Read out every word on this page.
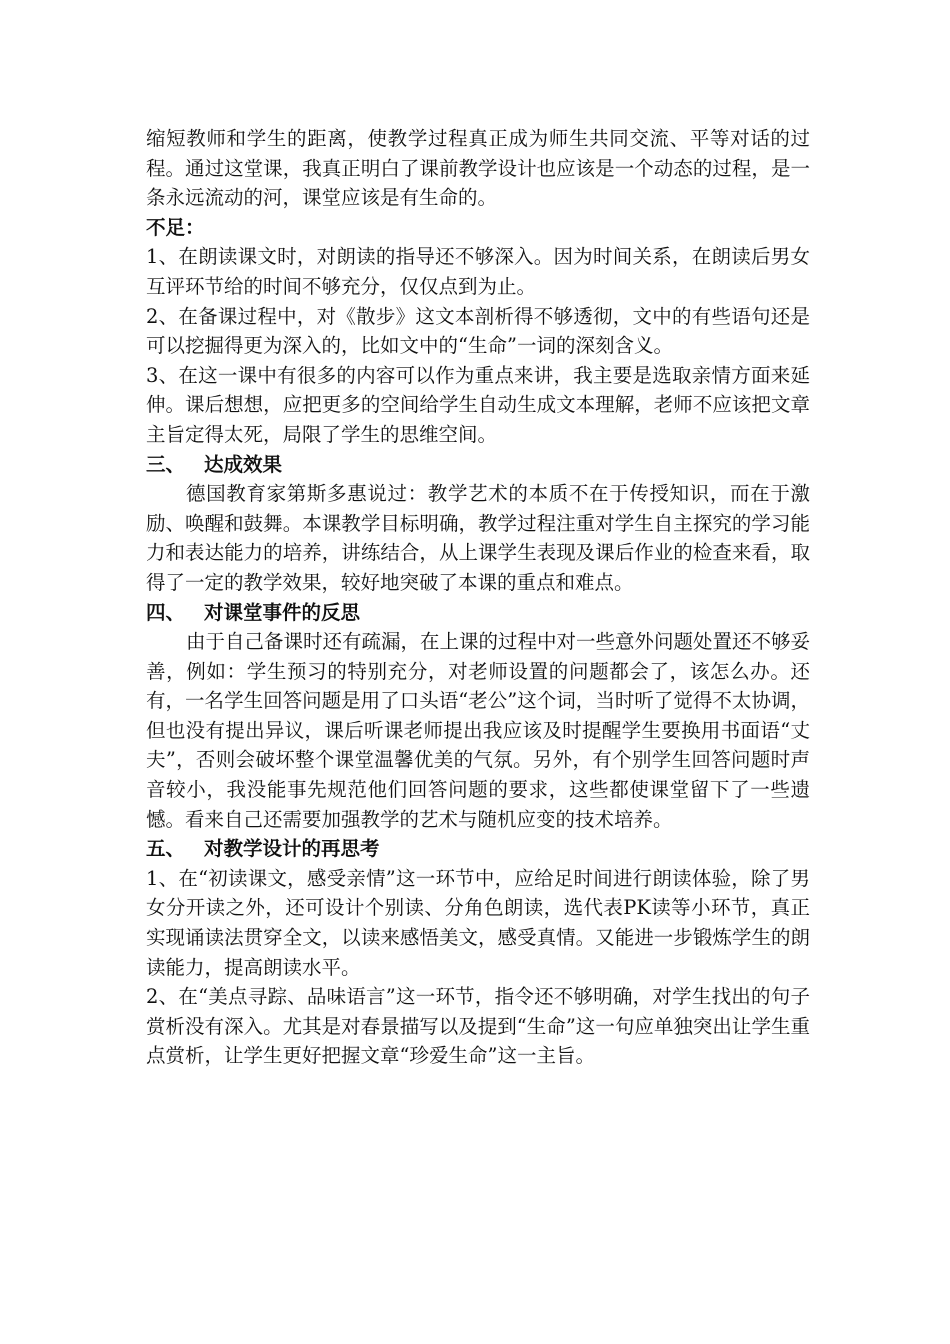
缩短教师和学生的距离，使教学过程真正成为师生共同交流、平等对话的过程。通过这堂课，我真正明白了课前教学设计也应该是一个动态的过程，是一条永远流动的河，课堂应该是有生命的。

不足：

1、在朗读课文时，对朗读的指导还不够深入。因为时间关系，在朗读后男女互评环节给的时间不够充分，仅仅点到为止。

2、在备课过程中，对《散步》这文本剖析得不够透彻，文中的有些语句还是可以挖掘得更为深入的，比如文中的“生命”一词的深刻含义。

3、在这一课中有很多的内容可以作为重点来讲，我主要是选取亲情方面来延伸。课后想想，应把更多的空间给学生自动生成文本理解，老师不应该把文章主旨定得太死，局限了学生的思维空间。

三、 达成效果

德国教育家第斯多惠说过：教学艺术的本质不在于传授知识，而在于激励、唤醒和鼓舞。本课教学目标明确，教学过程注重对学生自主探究的学习能力和表达能力的培养，讲练结合，从上课学生表现及课后作业的检查来看，取得了一定的教学效果，较好地突破了本课的重点和难点。

四、 对课堂事件的反思

由于自己备课时还有疏漏，在上课的过程中对一些意外问题处置还不够妥善，例如：学生预习的特别充分，对老师设置的问题都会了，该怎么办。还有，一名学生回答问题是用了口头语“老公”这个词，当时听了觉得不太协调，但也没有提出异议，课后听课老师提出我应该及时提醒学生要换用书面语“丈夫”，否则会破坏整个课堂温馨优美的气氛。另外，有个别学生回答问题时声音较小，我没能事先规范他们回答问题的要求，这些都使课堂留下了一些遗憾。看来自己还需要加强教学的艺术与随机应变的技术培养。

五、 对教学设计的再思考

1、在“初读课文，感受亲情”这一环节中，应给足时间进行朗读体验，除了男女分开读之外，还可设计个别读、分角色朗读，选代表PK读等小环节，真正实现诵读法贯穿全文，以读来感悟美文，感受真情。又能进一步锻炼学生的朗读能力，提高朗读水平。

2、在“美点寻踪、品味语言”这一环节，指令还不够明确，对学生找出的句子赏析没有深入。尤其是对春景描写以及提到“生命”这一句应单独突出让学生重点赏析，让学生更好把握文章“珍爱生命”这一主旨。
